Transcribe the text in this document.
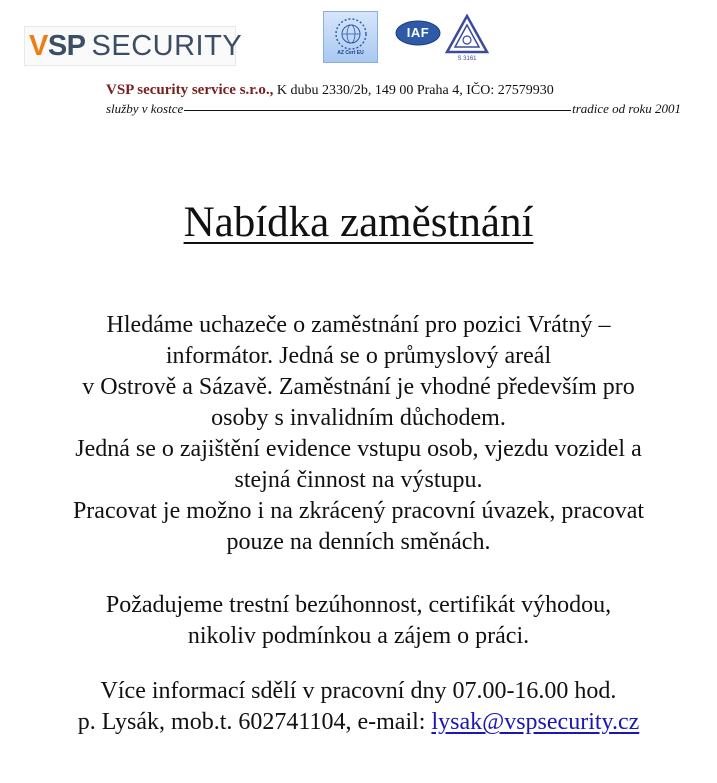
V SP SECURITY	AZ Cert EU
IAF
S 3161
VSP security service s.r.o., K dubu 2330/2b, 149 00 Praha 4, IČO: 27579930
služby v kostce	tradice od roku 2001
Nabídka zaměstnání

Hledáme uchazeče o zaměstnání pro pozici Vrátný –
informátor. Jedná se o průmyslový areál
v Ostrově a Sázavě. Zaměstnání je vhodné především pro
osoby s invalidním důchodem.
Jedná se o zajištění evidence vstupu osob, vjezdu vozidel a
stejná činnost na výstupu.
Pracovat je možno i na zkrácený pracovní úvazek, pracovat
pouze na denních směnách.

Požadujeme trestní bezúhonnost, certifikát výhodou,
nikoliv podmínkou a zájem o práci.

Více informací sdělí v pracovní dny 07.00-16.00 hod.
p. Lysák, mob.t. 602741104, e-mail: lysak@vspsecurity.cz
